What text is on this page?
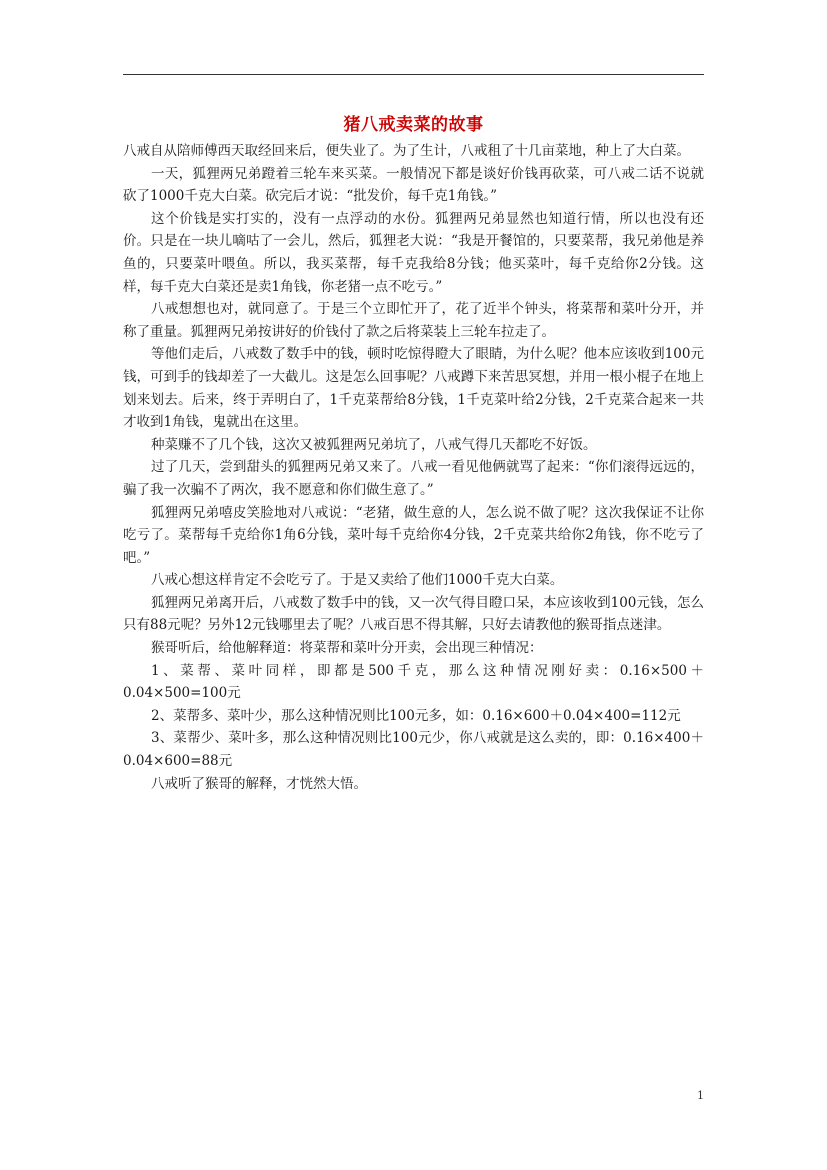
猪八戒卖菜的故事

八戒自从陪师傅西天取经回来后，便失业了。为了生计，八戒租了十几亩菜地，种上了大白菜。

一天，狐狸两兄弟蹬着三轮车来买菜。一般情况下都是谈好价钱再砍菜，可八戒二话不说就砍了1000千克大白菜。砍完后才说：“批发价，每千克1角钱。”

这个价钱是实打实的，没有一点浮动的水份。狐狸两兄弟显然也知道行情，所以也没有还价。只是在一块儿嘀咕了一会儿，然后，狐狸老大说：“我是开餐馆的，只要菜帮，我兄弟他是养鱼的，只要菜叶喂鱼。所以，我买菜帮，每千克我给8分钱；他买菜叶，每千克给你2分钱。这样，每千克大白菜还是卖1角钱，你老猪一点不吃亏。”

八戒想想也对，就同意了。于是三个立即忙开了，花了近半个钟头，将菜帮和菜叶分开，并称了重量。狐狸两兄弟按讲好的价钱付了款之后将菜装上三轮车拉走了。

等他们走后，八戒数了数手中的钱，顿时吃惊得瞪大了眼睛，为什么呢？他本应该收到100元钱，可到手的钱却差了一大截儿。这是怎么回事呢？八戒蹲下来苦思冥想，并用一根小棍子在地上划来划去。后来，终于弄明白了，1千克菜帮给8分钱，1千克菜叶给2分钱，2千克菜合起来一共才收到1角钱，鬼就出在这里。

种菜赚不了几个钱，这次又被狐狸两兄弟坑了，八戒气得几天都吃不好饭。

过了几天，尝到甜头的狐狸两兄弟又来了。八戒一看见他俩就骂了起来：“你们滚得远远的，骗了我一次骗不了两次，我不愿意和你们做生意了。”

狐狸两兄弟嘻皮笑脸地对八戒说：“老猪，做生意的人，怎么说不做了呢？这次我保证不让你吃亏了。菜帮每千克给你1角6分钱，菜叶每千克给你4分钱，2千克菜共给你2角钱，你不吃亏了吧。”

八戒心想这样肯定不会吃亏了。于是又卖给了他们1000千克大白菜。

狐狸两兄弟离开后，八戒数了数手中的钱，又一次气得目瞪口呆，本应该收到100元钱，怎么只有88元呢？另外12元钱哪里去了呢？八戒百思不得其解，只好去请教他的猴哥指点迷津。

猴哥听后，给他解释道：将菜帮和菜叶分开卖，会出现三种情况：

1、菜帮、菜叶同样，即都是500千克，那么这种情况刚好卖：0.16×500＋0.04×500=100元

2、菜帮多、菜叶少，那么这种情况则比100元多，如：0.16×600＋0.04×400=112元

3、菜帮少、菜叶多，那么这种情况则比100元少，你八戒就是这么卖的，即：0.16×400＋0.04×600=88元

八戒听了猴哥的解释，才恍然大悟。

1
